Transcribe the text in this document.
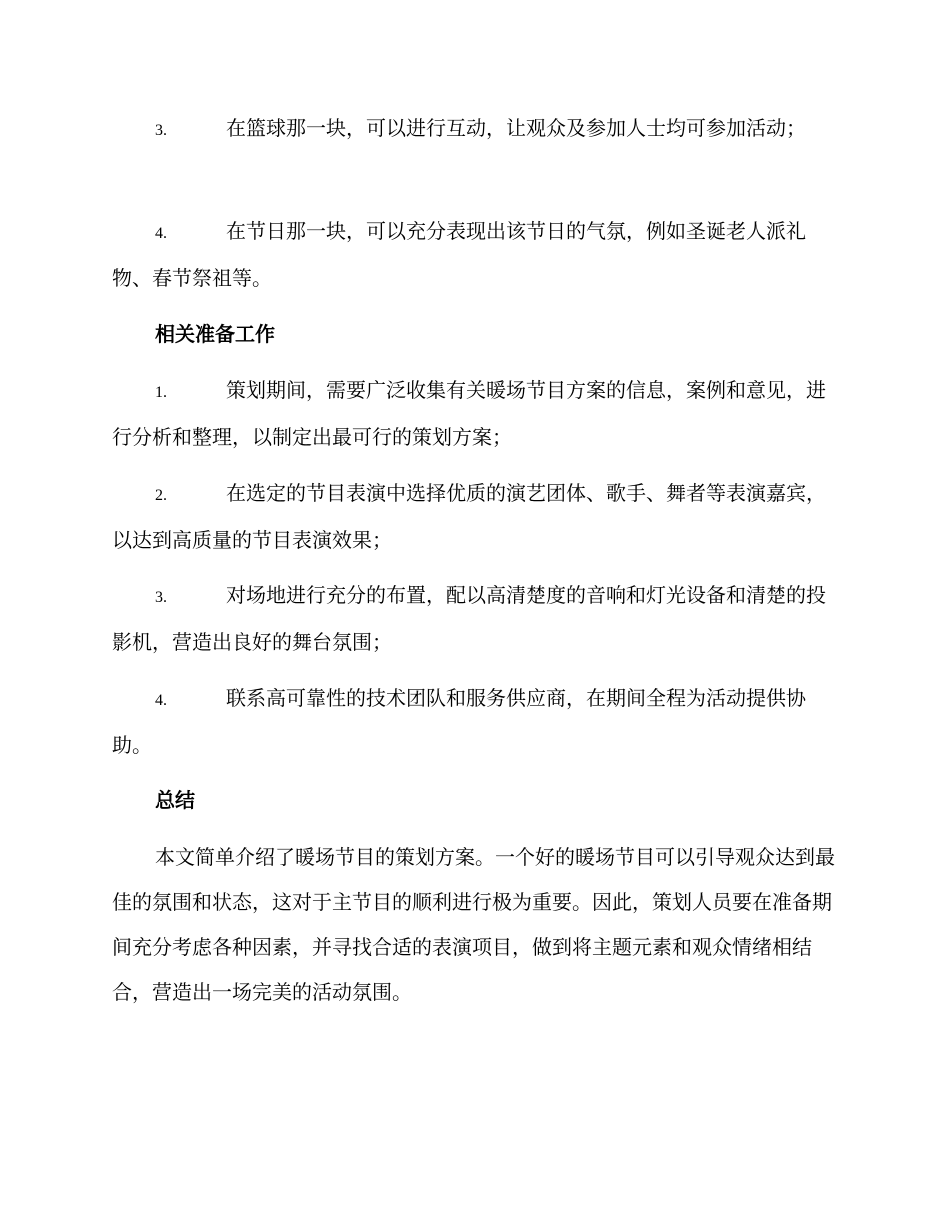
3.	在篮球那一块，可以进行互动，让观众及参加人士均可参加活动；

4.	在节日那一块，可以充分表现出该节日的气氛，例如圣诞老人派礼物、春节祭祖等。

相关准备工作

1.	策划期间，需要广泛收集有关暖场节目方案的信息，案例和意见，进行分析和整理，以制定出最可行的策划方案；

2.	在选定的节目表演中选择优质的演艺团体、歌手、舞者等表演嘉宾，以达到高质量的节目表演效果；

3.	对场地进行充分的布置，配以高清楚度的音响和灯光设备和清楚的投影机，营造出良好的舞台氛围；

4.	联系高可靠性的技术团队和服务供应商，在期间全程为活动提供协助。

总结

本文简单介绍了暖场节目的策划方案。一个好的暖场节目可以引导观众达到最佳的氛围和状态，这对于主节目的顺利进行极为重要。因此，策划人员要在准备期间充分考虑各种因素，并寻找合适的表演项目，做到将主题元素和观众情绪相结合，营造出一场完美的活动氛围。
